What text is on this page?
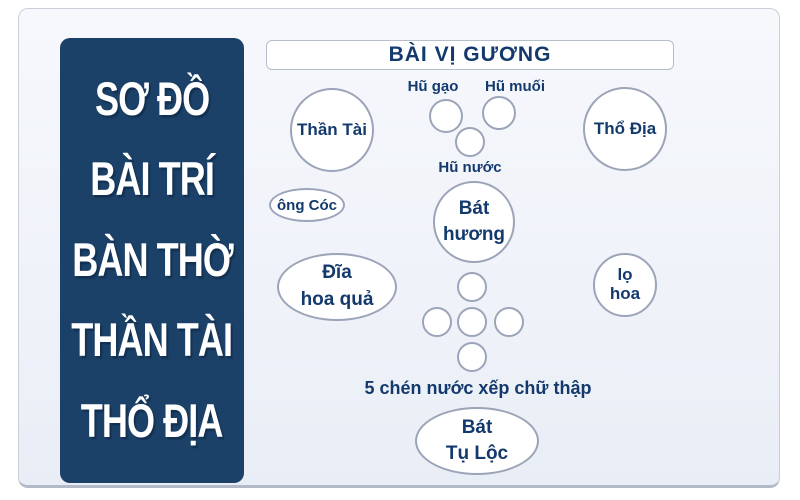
SƠ ĐỒ
BÀI TRÍ
BÀN THỜ
THẦN TÀI
THỔ ĐỊA
BÀI VỊ GƯƠNG
Hũ gạo	Hũ muối
Thần Tài	Thổ Địa
Hũ nước
ông Cóc	Bát
hương
Đĩa
hoa quả
lọ
hoa
5 chén nước xếp chữ thập
Bát
Tụ Lộc
